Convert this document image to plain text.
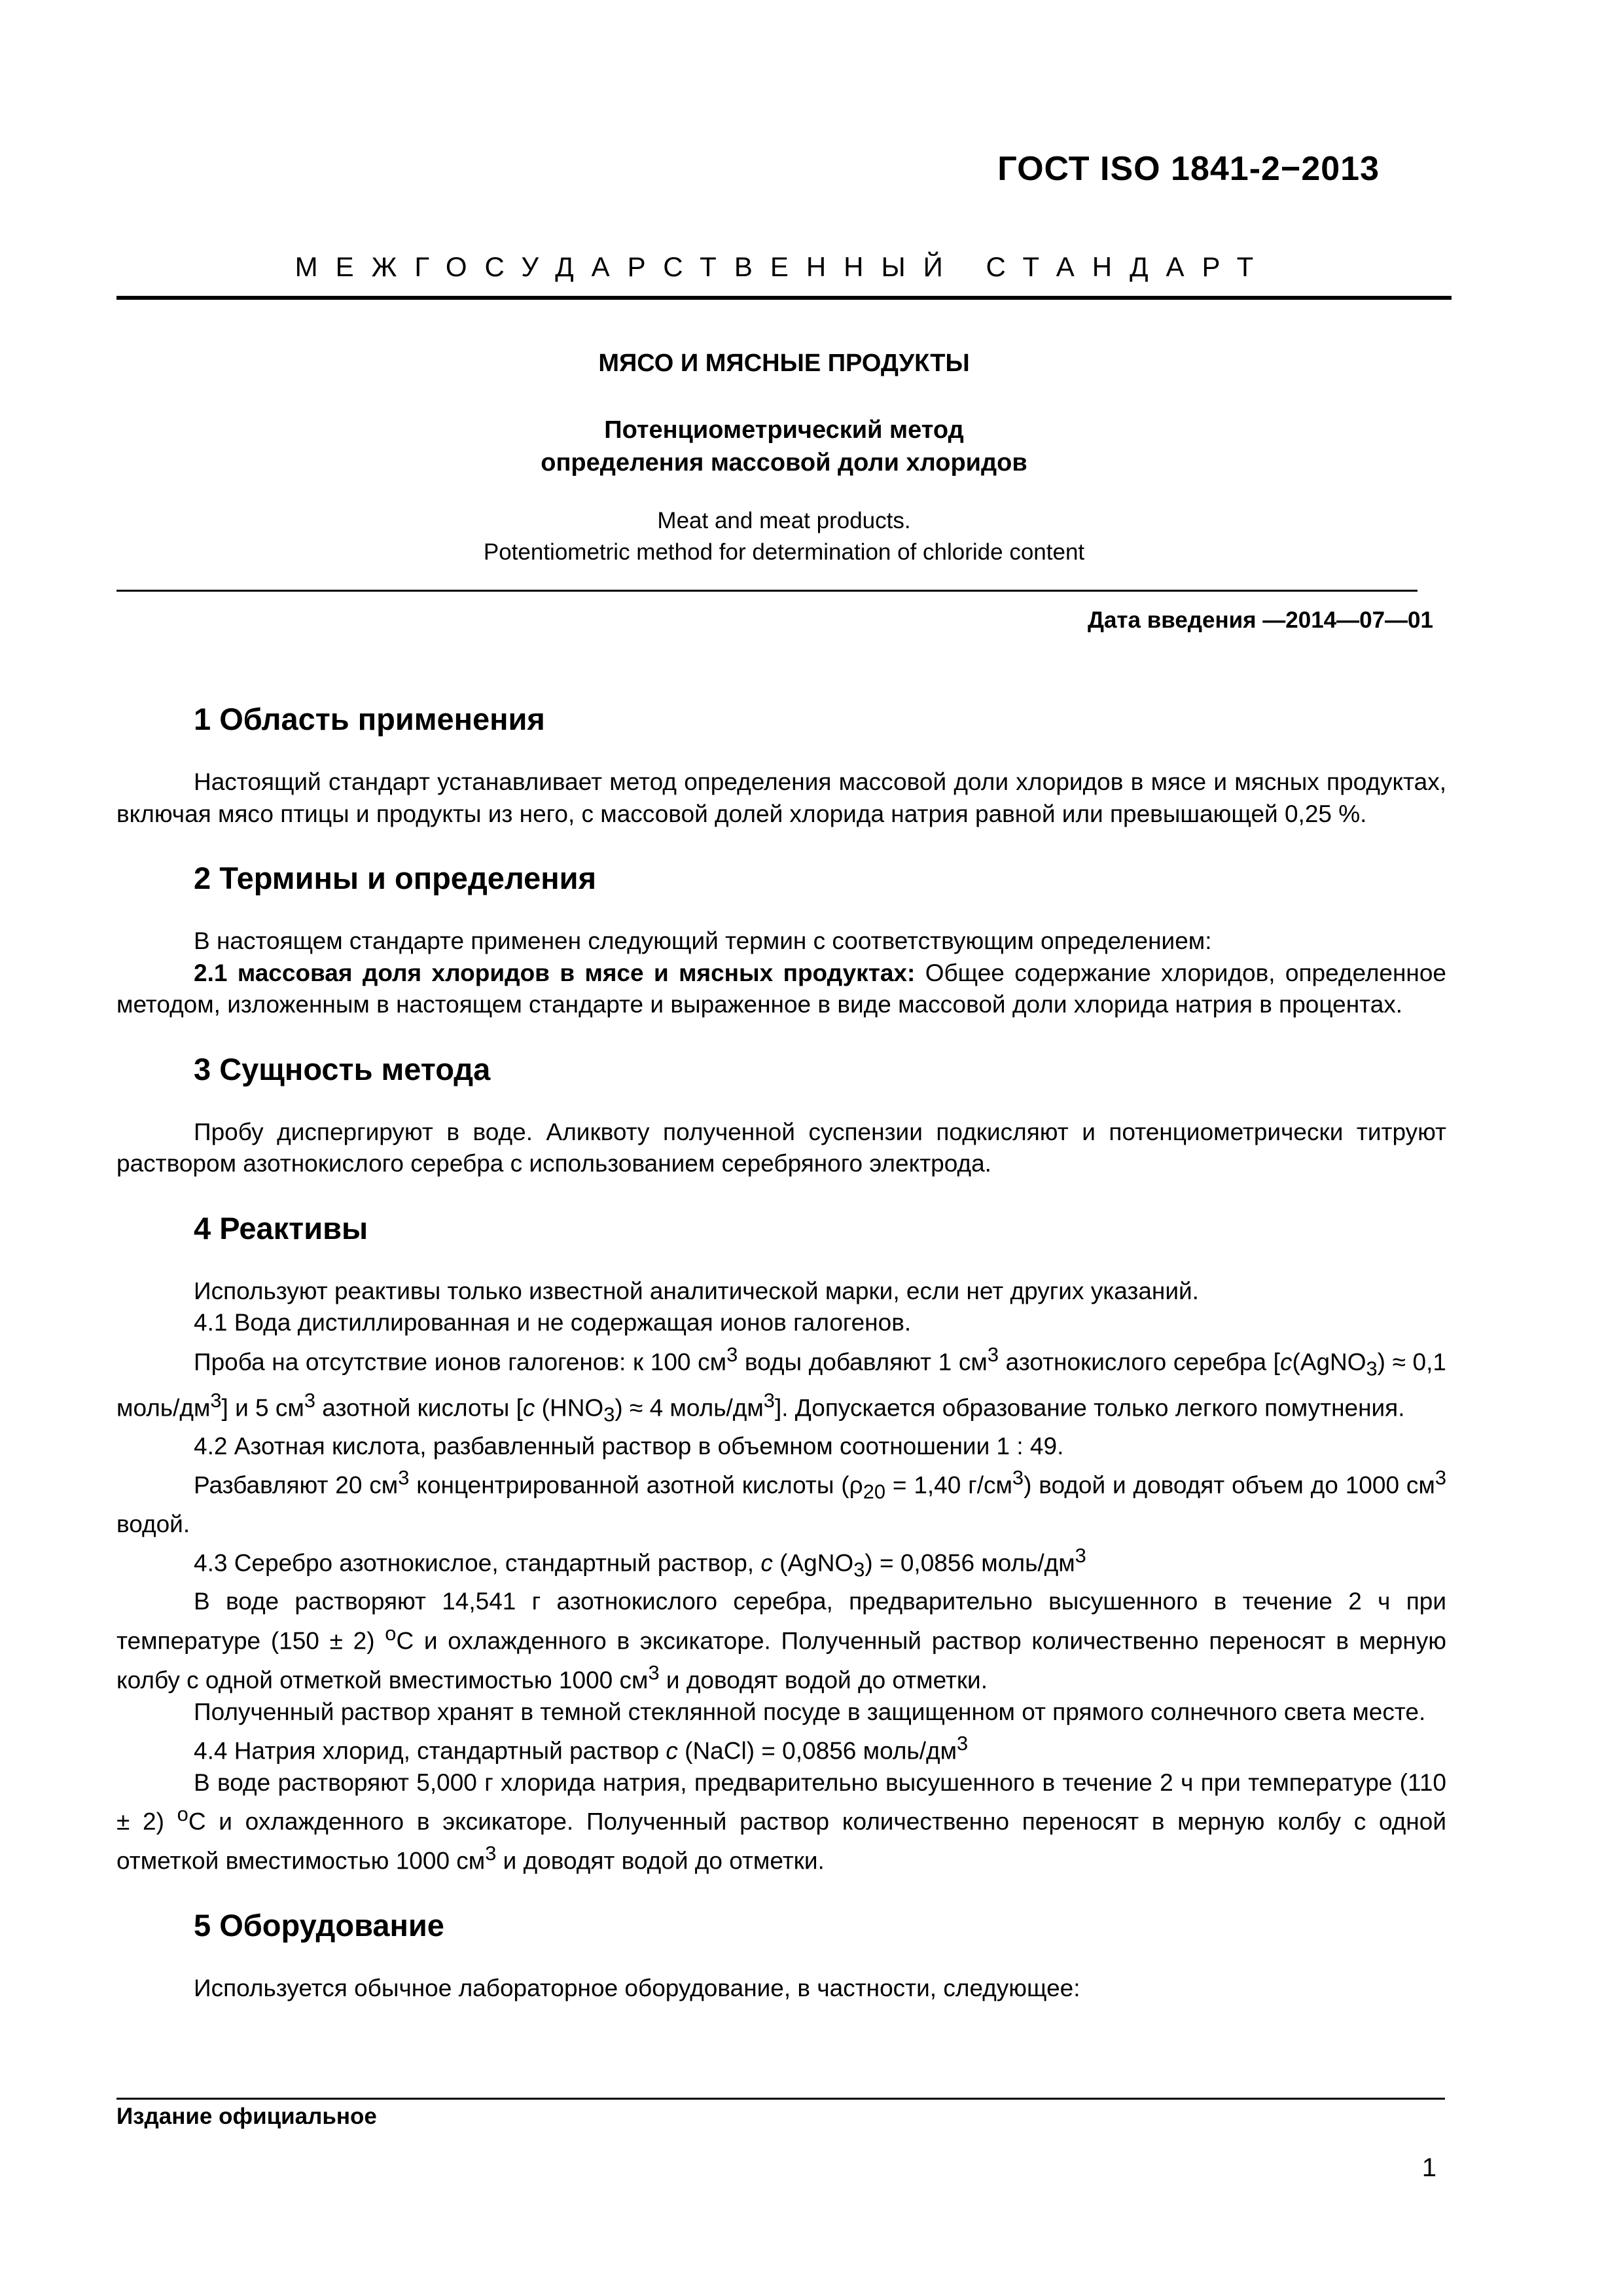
ГОСТ ISO 1841-2−2013
МЕЖГОСУДАРСТВЕННЫЙ СТАНДАРТ
МЯСО И МЯСНЫЕ ПРОДУКТЫ
Потенциометрический метод
определения массовой доли хлоридов
Meat and meat products.
Potentiometric method for determination of chloride content
Дата введения —2014—07—01
1 Область применения

Настоящий стандарт устанавливает метод определения массовой доли хлоридов в мясе и мясных продуктах, включая мясо птицы и продукты из него, с массовой долей хлорида натрия равной или превышающей 0,25 %.

2 Термины и определения

В настоящем стандарте применен следующий термин с соответствующим определением:

2.1 массовая доля хлоридов в мясе и мясных продуктах: Общее содержание хлоридов, определенное методом, изложенным в настоящем стандарте и выраженное в виде массовой доли хлорида натрия в процентах.

3 Сущность метода

Пробу диспергируют в воде. Аликвоту полученной суспензии подкисляют и потенциометрически титруют раствором азотнокислого серебра с использованием серебряного электрода.

4 Реактивы

Используют реактивы только известной аналитической марки, если нет других указаний.

4.1 Вода дистиллированная и не содержащая ионов галогенов.

Проба на отсутствие ионов галогенов: к 100 $см^3$ воды добавляют 1 $см^3$ азотнокислого серебра [c(AgNO$_3$) ≈ 0,1 моль/$дм^3$] и 5 $см^3$ азотной кислоты [c $(HNO_3) \approx 4$ моль/$дм^3$]. Допускается образование только легкого помутнения.

4.2 Азотная кислота, разбавленный раствор в объемном соотношении 1 : 49.

Разбавляют 20 $см^3$ концентрированной азотной кислоты ($\rho_{20} = 1,40$ $г/см^3$) водой и доводят объем до 1000 $см^3$ водой.

4.3 Серебро азотнокислое, стандартный раствор, c (AgNO$_3$) = 0,0856 моль/$дм^3$

В воде растворяют 14,541 г азотнокислого серебра, предварительно высушенного в течение 2 ч при температуре (150 ± 2) $^о$С и охлажденного в эксикаторе. Полученный раствор количественно переносят в мерную колбу с одной отметкой вместимостью 1000 $см^3$ и доводят водой до отметки.

Полученный раствор хранят в темной стеклянной посуде в защищенном от прямого солнечного света месте.

4.4 Натрия хлорид, стандартный раствор c (NaCl) = 0,0856 моль/$дм^3$

В воде растворяют 5,000 г хлорида натрия, предварительно высушенного в течение 2 ч при температуре (110 ± 2) $^о$С и охлажденного в эксикаторе. Полученный раствор количественно переносят в мерную колбу с одной отметкой вместимостью 1000 $см^3$ и доводят водой до отметки.

5 Оборудование

Используется обычное лабораторное оборудование, в частности, следующее:

Издание официальное
1
